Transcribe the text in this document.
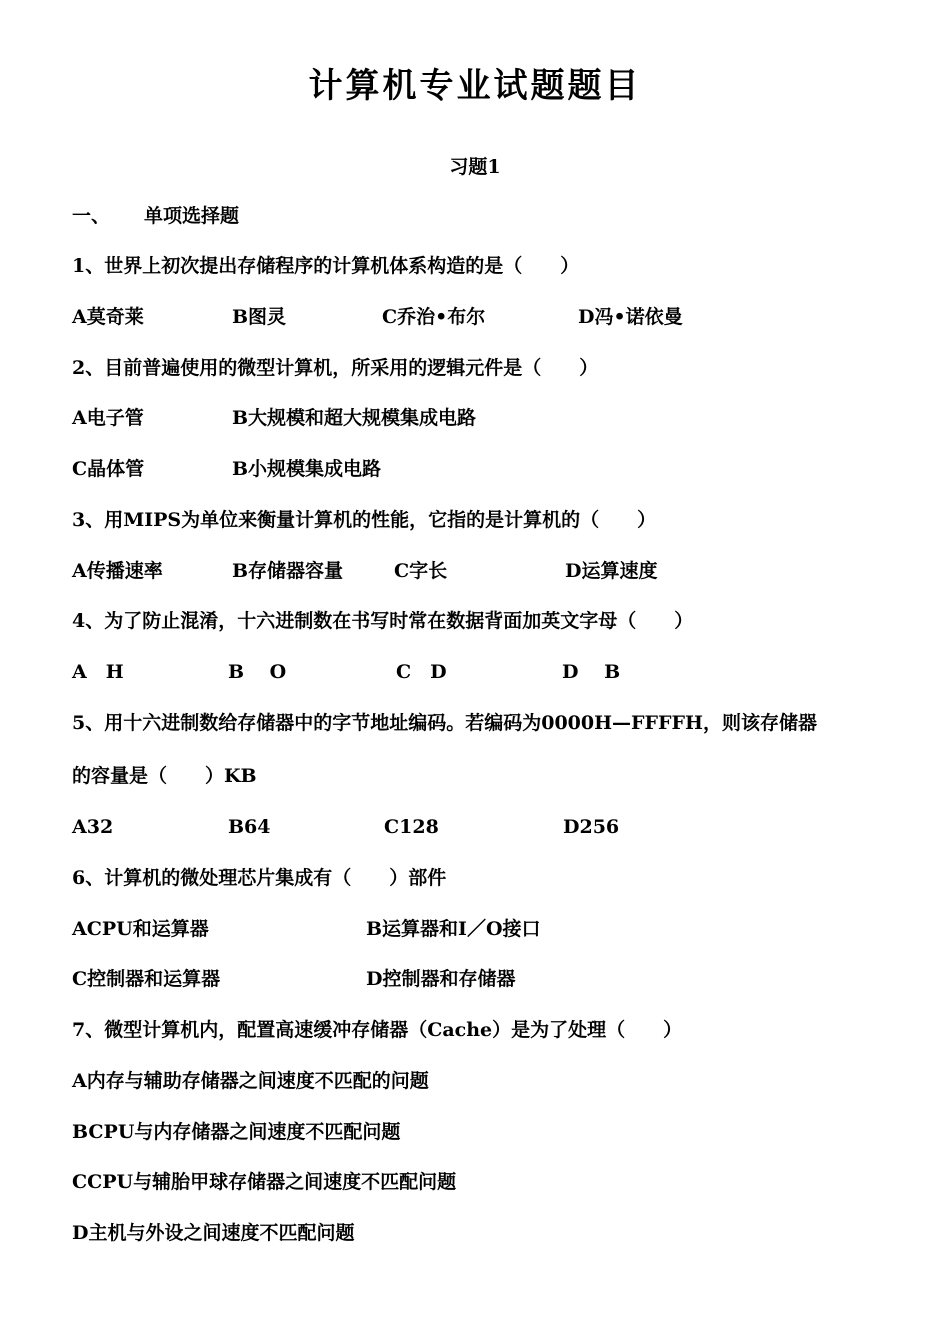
计算机专业试题题目
习题1
一、 单项选择题
1、世界上初次提出存储程序的计算机体系构造的是（　　）
A莫奇莱	B图灵	C乔治•布尔	D冯•诺依曼
2、目前普遍使用的微型计算机，所采用的逻辑元件是（　　）
A电子管	B大规模和超大规模集成电路
C晶体管	B小规模集成电路
3、用MIPS为单位来衡量计算机的性能，它指的是计算机的（　　）
A传播速率	B存储器容量	C字长	D运算速度
4、为了防止混淆，十六进制数在书写时常在数据背面加英文字母（　　）
A　H	B　 O	C　D	D　 B
5、用十六进制数给存储器中的字节地址编码。若编码为0000H—FFFFH，则该存储器
的容量是（　　）KB
A32	B64	C128	D256
6、计算机的微处理芯片集成有（　　）部件
ACPU和运算器	B运算器和I／O接口
C控制器和运算器	D控制器和存储器
7、微型计算机内，配置高速缓冲存储器（Cache）是为了处理（　　）
A内存与辅助存储器之间速度不匹配的问题
BCPU与内存储器之间速度不匹配问题
CCPU与辅胎甲球存储器之间速度不匹配问题
D主机与外设之间速度不匹配问题
